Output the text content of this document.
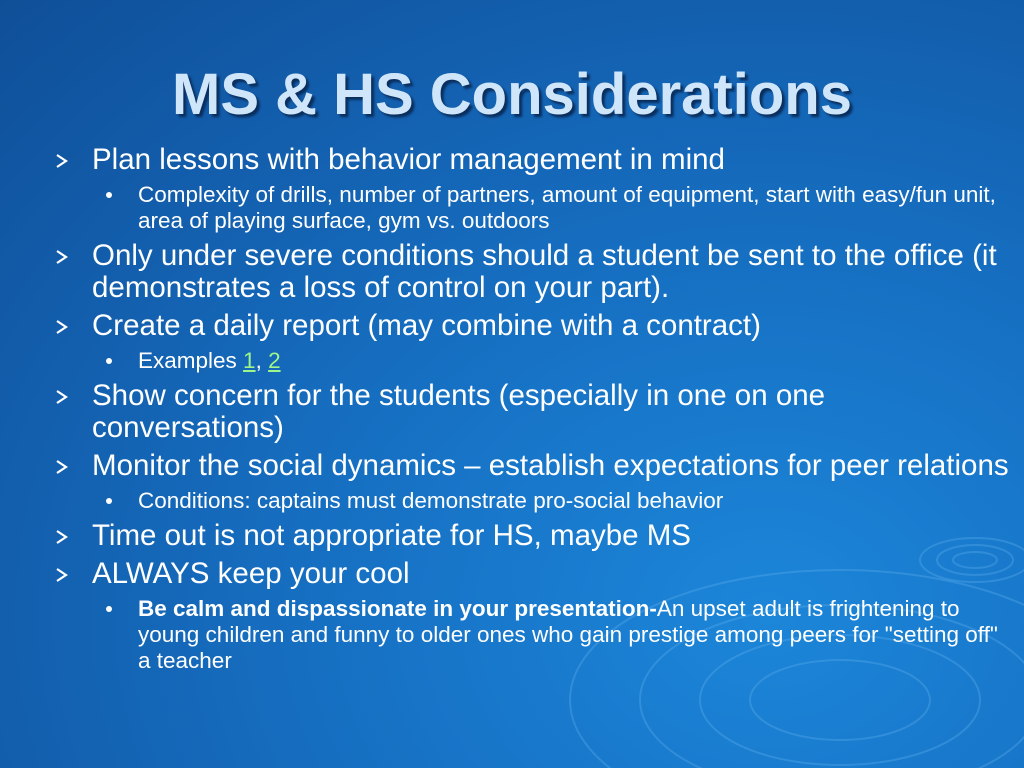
MS & HS Considerations
Plan lessons with behavior management in mind
Complexity of drills, number of partners, amount of equipment, start with easy/fun unit, area of playing surface, gym vs. outdoors
Only under severe conditions should a student be sent to the office (it demonstrates a loss of control on your part).
Create a daily report (may combine with a contract)
Examples 1, 2
Show concern for the students (especially in one on one conversations)
Monitor the social dynamics – establish expectations for peer relations
Conditions: captains must demonstrate pro-social behavior
Time out is not appropriate for HS, maybe MS
ALWAYS keep your cool
Be calm and dispassionate in your presentation-An upset adult is frightening to young children and funny to older ones who gain prestige among peers for "setting off" a teacher
